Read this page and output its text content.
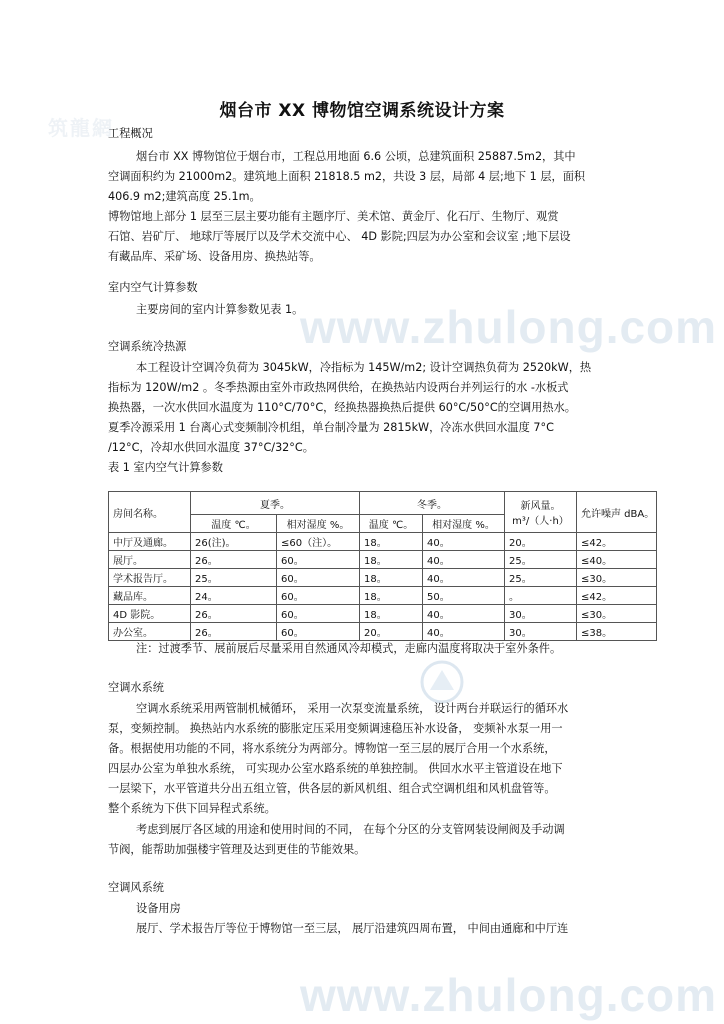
筑龍網
www.zhulong.com
www.zhulong.com
烟台市 XX 博物馆空调系统设计方案
工程概况
烟台市 XX 博物馆位于烟台市，工程总用地面 6.6 公顷，总建筑面积 25887.5m2，其中
空调面积约为 21000m2。建筑地上面积 21818.5 m2，共设 3 层，局部 4 层;地下 1 层，面积
406.9 m2;建筑高度 25.1m。
博物馆地上部分 1 层至三层主要功能有主题序厅、美术馆、黄金厅、化石厅、生物厅、观赏
石馆、岩矿厅、 地球厅等展厅以及学术交流中心、 4D 影院;四层为办公室和会议室 ;地下层设
有藏品库、采矿场、设备用房、换热站等。
室内空气计算参数
主要房间的室内计算参数见表 1。
空调系统冷热源
本工程设计空调冷负荷为 3045kW，冷指标为 145W/m2; 设计空调热负荷为 2520kW，热
指标为 120W/m2 。冬季热源由室外市政热网供给，在换热站内设两台并列运行的水 -水板式
换热器，一次水供回水温度为 110°C/70°C，经换热器换热后提供 60°C/50°C的空调用热水。
夏季冷源采用 1 台离心式变频制冷机组，单台制冷量为 2815kW，冷冻水供回水温度 7°C
/12°C，冷却水供回水温度 37°C/32°C。
表 1 室内空气计算参数
房间名称。	夏季。		冬季。		新风量。
m³/（人·h）	允许噪声 dBA。
	温度 ℃。	相对湿度 %。	温度 ℃。	相对湿度 %。		
中厅及通廊。	26(注)。	≤60（注）。	18。	40。	20。	≤42。
展厅。	26。	60。	18。	40。	25。	≤40。
学术报告厅。	25。	60。	18。	40。	25。	≤30。
藏品库。	24。	60。	18。	50。	。	≤42。
4D 影院。	26。	60。	18。	40。	30。	≤30。
办公室。	26。	60。	20。	40。	30。	≤38。
注：过渡季节、展前展后尽量采用自然通风冷却模式，走廊内温度将取决于室外条件。
空调水系统
空调水系统采用两管制机械循环， 采用一次泵变流量系统， 设计两台并联运行的循环水
泵，变频控制。 换热站内水系统的膨胀定压采用变频调速稳压补水设备， 变频补水泵一用一
备。根据使用功能的不同，将水系统分为两部分。博物馆一至三层的展厅合用一个水系统，
四层办公室为单独水系统， 可实现办公室水路系统的单独控制。 供回水水平主管道设在地下
一层梁下，水平管道共分出五组立管，供各层的新风机组、组合式空调机组和风机盘管等。
整个系统为下供下回异程式系统。
考虑到展厅各区域的用途和使用时间的不同， 在每个分区的分支管网装设闸阀及手动调
节阀，能帮助加强楼宇管理及达到更佳的节能效果。
空调风系统
设备用房
展厅、学术报告厅等位于博物馆一至三层， 展厅沿建筑四周布置， 中间由通廊和中厅连
